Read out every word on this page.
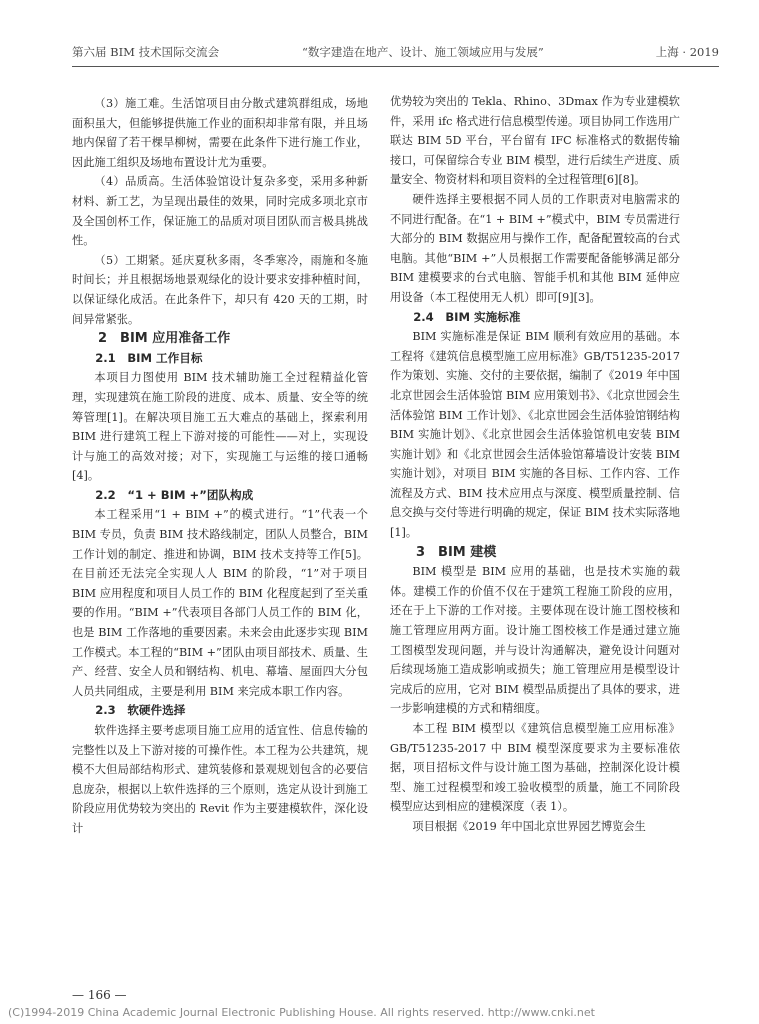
第六届 BIM 技术国际交流会	“数字建造在地产、设计、施工领域应用与发展”	上海 · 2019

（3）施工难。生活馆项目由分散式建筑群组成，场地面积虽大，但能够提供施工作业的面积却非常有限，并且场地内保留了若干棵旱柳树，需要在此条件下进行施工作业，因此施工组织及场地布置设计尤为重要。

（4）品质高。生活体验馆设计复杂多变，采用多种新材料、新工艺，为呈现出最佳的效果，同时完成多项北京市及全国创杯工作，保证施工的品质对项目团队而言极具挑战性。

（5）工期紧。延庆夏秋多雨，冬季寒冷，雨施和冬施时间长；并且根据场地景观绿化的设计要求安排种植时间，以保证绿化成活。在此条件下，却只有 420 天的工期，时间异常紧张。

2　BIM 应用准备工作

2.1　BIM 工作目标

本项目力图使用 BIM 技术辅助施工全过程精益化管理，实现建筑在施工阶段的进度、成本、质量、安全等的统筹管理[1]。在解决项目施工五大难点的基础上，探索利用 BIM 进行建筑工程上下游对接的可能性——对上，实现设计与施工的高效对接；对下，实现施工与运维的接口通畅[4]。

2.2　“1 + BIM +”团队构成

本工程采用“1 + BIM +”的模式进行。“1”代表一个 BIM 专员，负责 BIM 技术路线制定，团队人员整合，BIM 工作计划的制定、推进和协调，BIM 技术支持等工作[5]。在目前还无法完全实现人人 BIM 的阶段，“1”对于项目 BIM 应用程度和项目人员工作的 BIM 化程度起到了至关重要的作用。“BIM +”代表项目各部门人员工作的 BIM 化，也是 BIM 工作落地的重要因素。未来会由此逐步实现 BIM 工作模式。本工程的“BIM +”团队由项目部技术、质量、生产、经营、安全人员和钢结构、机电、幕墙、屋面四大分包人员共同组成，主要是利用 BIM 来完成本职工作内容。

2.3　软硬件选择

软件选择主要考虑项目施工应用的适宜性、信息传输的完整性以及上下游对接的可操作性。本工程为公共建筑，规模不大但局部结构形式、建筑装修和景观规划包含的必要信息庞杂，根据以上软件选择的三个原则，选定从设计到施工阶段应用优势较为突出的 Revit 作为主要建模软件，深化设计

优势较为突出的 Tekla、Rhino、3Dmax 作为专业建模软件，采用 ifc 格式进行信息模型传递。项目协同工作选用广联达 BIM 5D 平台，平台留有 IFC 标准格式的数据传输接口，可保留综合专业 BIM 模型，进行后续生产进度、质量安全、物资材料和项目资料的全过程管理[6][8]。

硬件选择主要根据不同人员的工作职责对电脑需求的不同进行配备。在“1 + BIM +”模式中，BIM 专员需进行大部分的 BIM 数据应用与操作工作，配备配置较高的台式电脑。其他“BIM +”人员根据工作需要配备能够满足部分 BIM 建模要求的台式电脑、智能手机和其他 BIM 延伸应用设备（本工程使用无人机）即可[9][3]。

2.4　BIM 实施标准

BIM 实施标准是保证 BIM 顺利有效应用的基础。本工程将《建筑信息模型施工应用标准》GB/T51235-2017 作为策划、实施、交付的主要依据，编制了《2019 年中国北京世园会生活体验馆 BIM 应用策划书》、《北京世园会生活体验馆 BIM 工作计划》、《北京世园会生活体验馆钢结构 BIM 实施计划》、《北京世园会生活体验馆机电安装 BIM 实施计划》和《北京世园会生活体验馆幕墙设计安装 BIM 实施计划》，对项目 BIM 实施的各目标、工作内容、工作流程及方式、BIM 技术应用点与深度、模型质量控制、信息交换与交付等进行明确的规定，保证 BIM 技术实际落地[1]。

3　BIM 建模

BIM 模型是 BIM 应用的基础，也是技术实施的载体。建模工作的价值不仅在于建筑工程施工阶段的应用，还在于上下游的工作对接。主要体现在设计施工图校核和施工管理应用两方面。设计施工图校核工作是通过建立施工图模型发现问题，并与设计沟通解决，避免设计问题对后续现场施工造成影响或损失；施工管理应用是模型设计完成后的应用，它对 BIM 模型品质提出了具体的要求，进一步影响建模的方式和精细度。

本工程 BIM 模型以《建筑信息模型施工应用标准》GB/T51235-2017 中 BIM 模型深度要求为主要标准依据，项目招标文件与设计施工图为基础，控制深化设计模型、施工过程模型和竣工验收模型的质量，施工不同阶段模型应达到相应的建模深度（表 1）。

项目根据《2019 年中国北京世界园艺博览会生

— 166 —
(C)1994-2019 China Academic Journal Electronic Publishing House. All rights reserved. http://www.cnki.net
